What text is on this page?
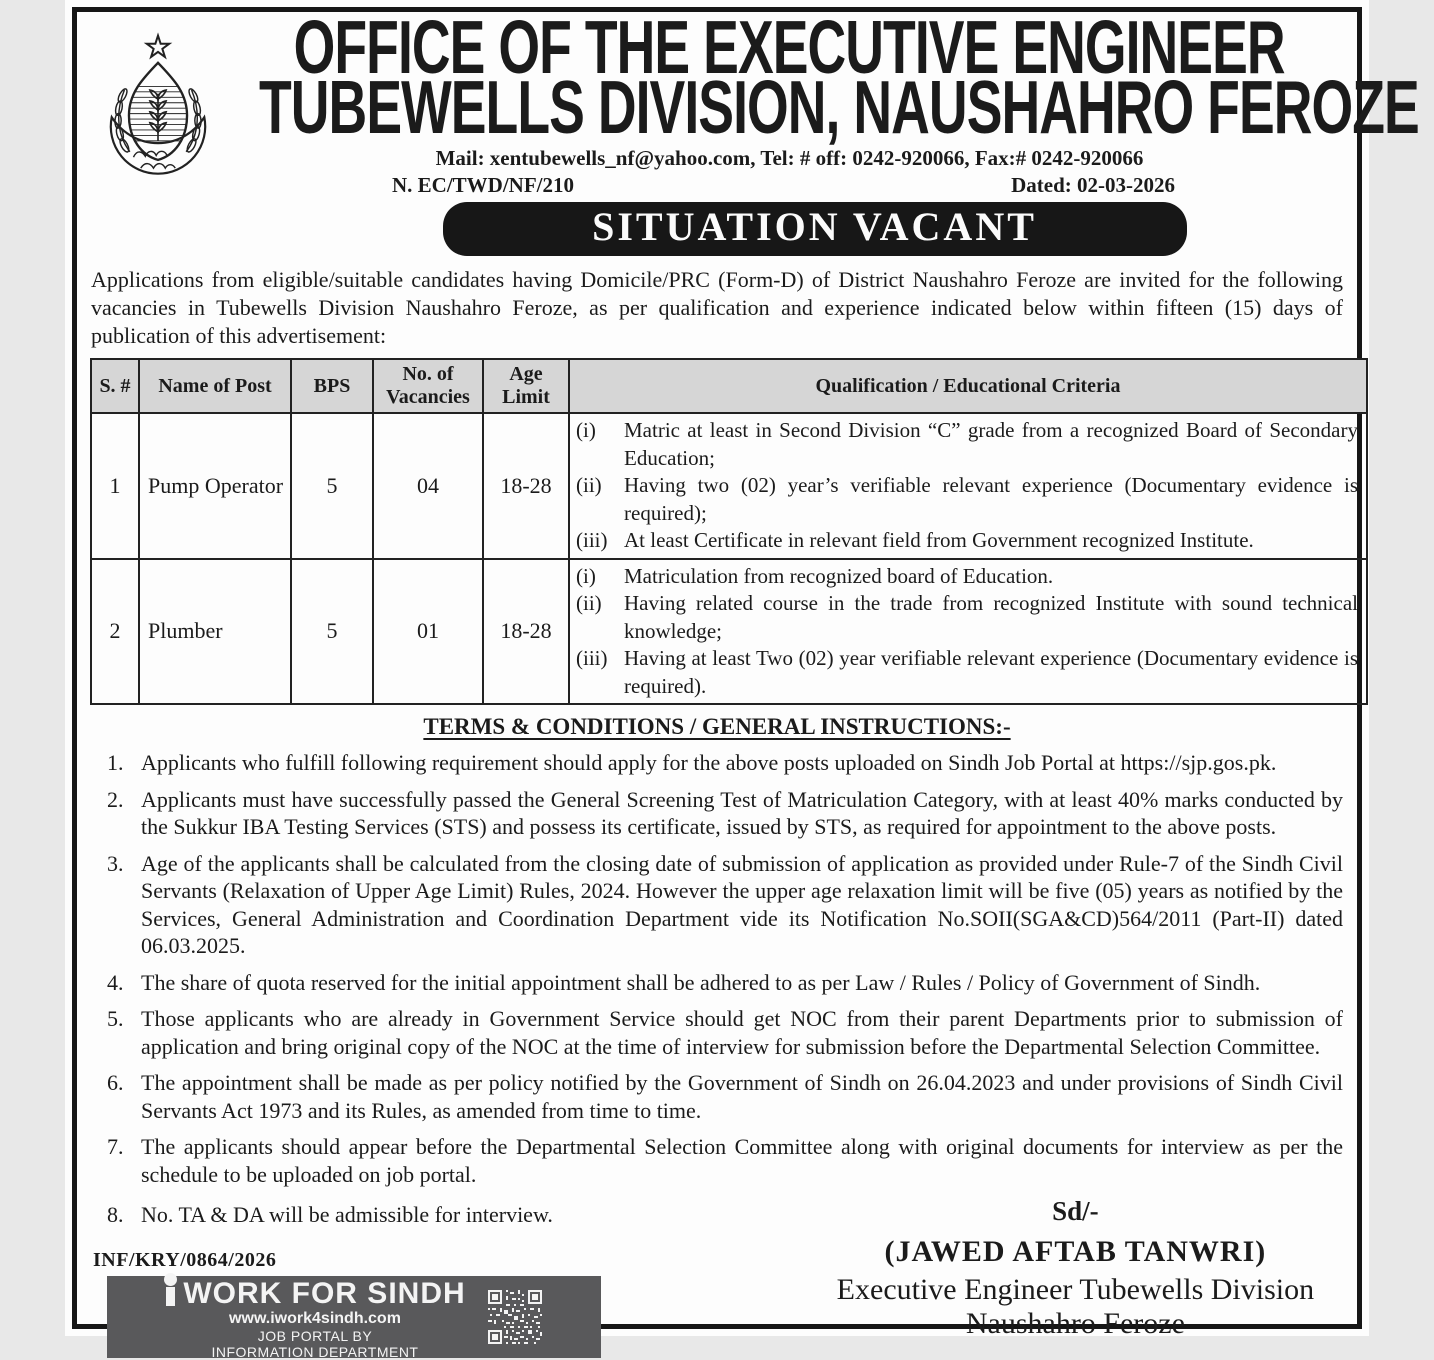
OFFICE OF THE EXECUTIVE ENGINEER
TUBEWELLS DIVISION, NAUSHAHRO FEROZE
Mail: xentubewells_nf@yahoo.com, Tel: # off: 0242-920066, Fax:# 0242-920066
N. EC/TWD/NF/210	Dated: 02-03-2026
SITUATION VACANT

Applications from eligible/suitable candidates having Domicile/PRC (Form-D) of District Naushahro Feroze are invited for the following vacancies in Tubewells Division Naushahro Feroze, as per qualification and experience indicated below within fifteen (15) days of publication of this advertisement:

S. #	Name of Post	BPS	No. of Vacancies	Age Limit	Qualification / Educational Criteria
1	Pump Operator	5	04	18-28	
(i)	Matric at least in Second Division “C” grade from a recognized Board of Secondary Education;
(ii)	Having two (02) year’s verifiable relevant experience (Documentary evidence is required);
(iii) At least Certificate in relevant field from Government recognized Institute.

2	Plumber	5	01	18-28	
(i)	Matriculation from recognized board of Education.
(ii)	Having related course in the trade from recognized Institute with sound technical knowledge;
(iii) Having at least Two (02) year verifiable relevant experience (Documentary evidence is required).
TERMS & CONDITIONS / GENERAL INSTRUCTIONS:-
1. Applicants who fulfill following requirement should apply for the above posts uploaded on Sindh Job Portal at https://sjp.gos.pk.
2. Applicants must have successfully passed the General Screening Test of Matriculation Category, with at least 40% marks conducted by the Sukkur IBA Testing Services (STS) and possess its certificate, issued by STS, as required for appointment to the above posts.
3. Age of the applicants shall be calculated from the closing date of submission of application as provided under Rule-7 of the Sindh Civil Servants (Relaxation of Upper Age Limit) Rules, 2024. However the upper age relaxation limit will be five (05) years as notified by the Services, General Administration and Coordination Department vide its Notification No.SOII(SGA&CD)564/2011 (Part-II) dated 06.03.2025.
4. The share of quota reserved for the initial appointment shall be adhered to as per Law / Rules / Policy of Government of Sindh.
5. Those applicants who are already in Government Service should get NOC from their parent Departments prior to submission of application and bring original copy of the NOC at the time of interview for submission before the Departmental Selection Committee.
6. The appointment shall be made as per policy notified by the Government of Sindh on 26.04.2023 and under provisions of Sindh Civil Servants Act 1973 and its Rules, as amended from time to time.
7. The applicants should appear before the Departmental Selection Committee along with original documents for interview as per the schedule to be uploaded on job portal.
8. No. TA & DA will be admissible for interview.
INF/KRY/0864/2026
WORK FOR SINDH
www.iwork4sindh.com
JOB PORTAL BY
INFORMATION DEPARTMENT
Sd/-
(JAWED AFTAB TANWRI)
Executive Engineer Tubewells Division
Naushahro Feroze
